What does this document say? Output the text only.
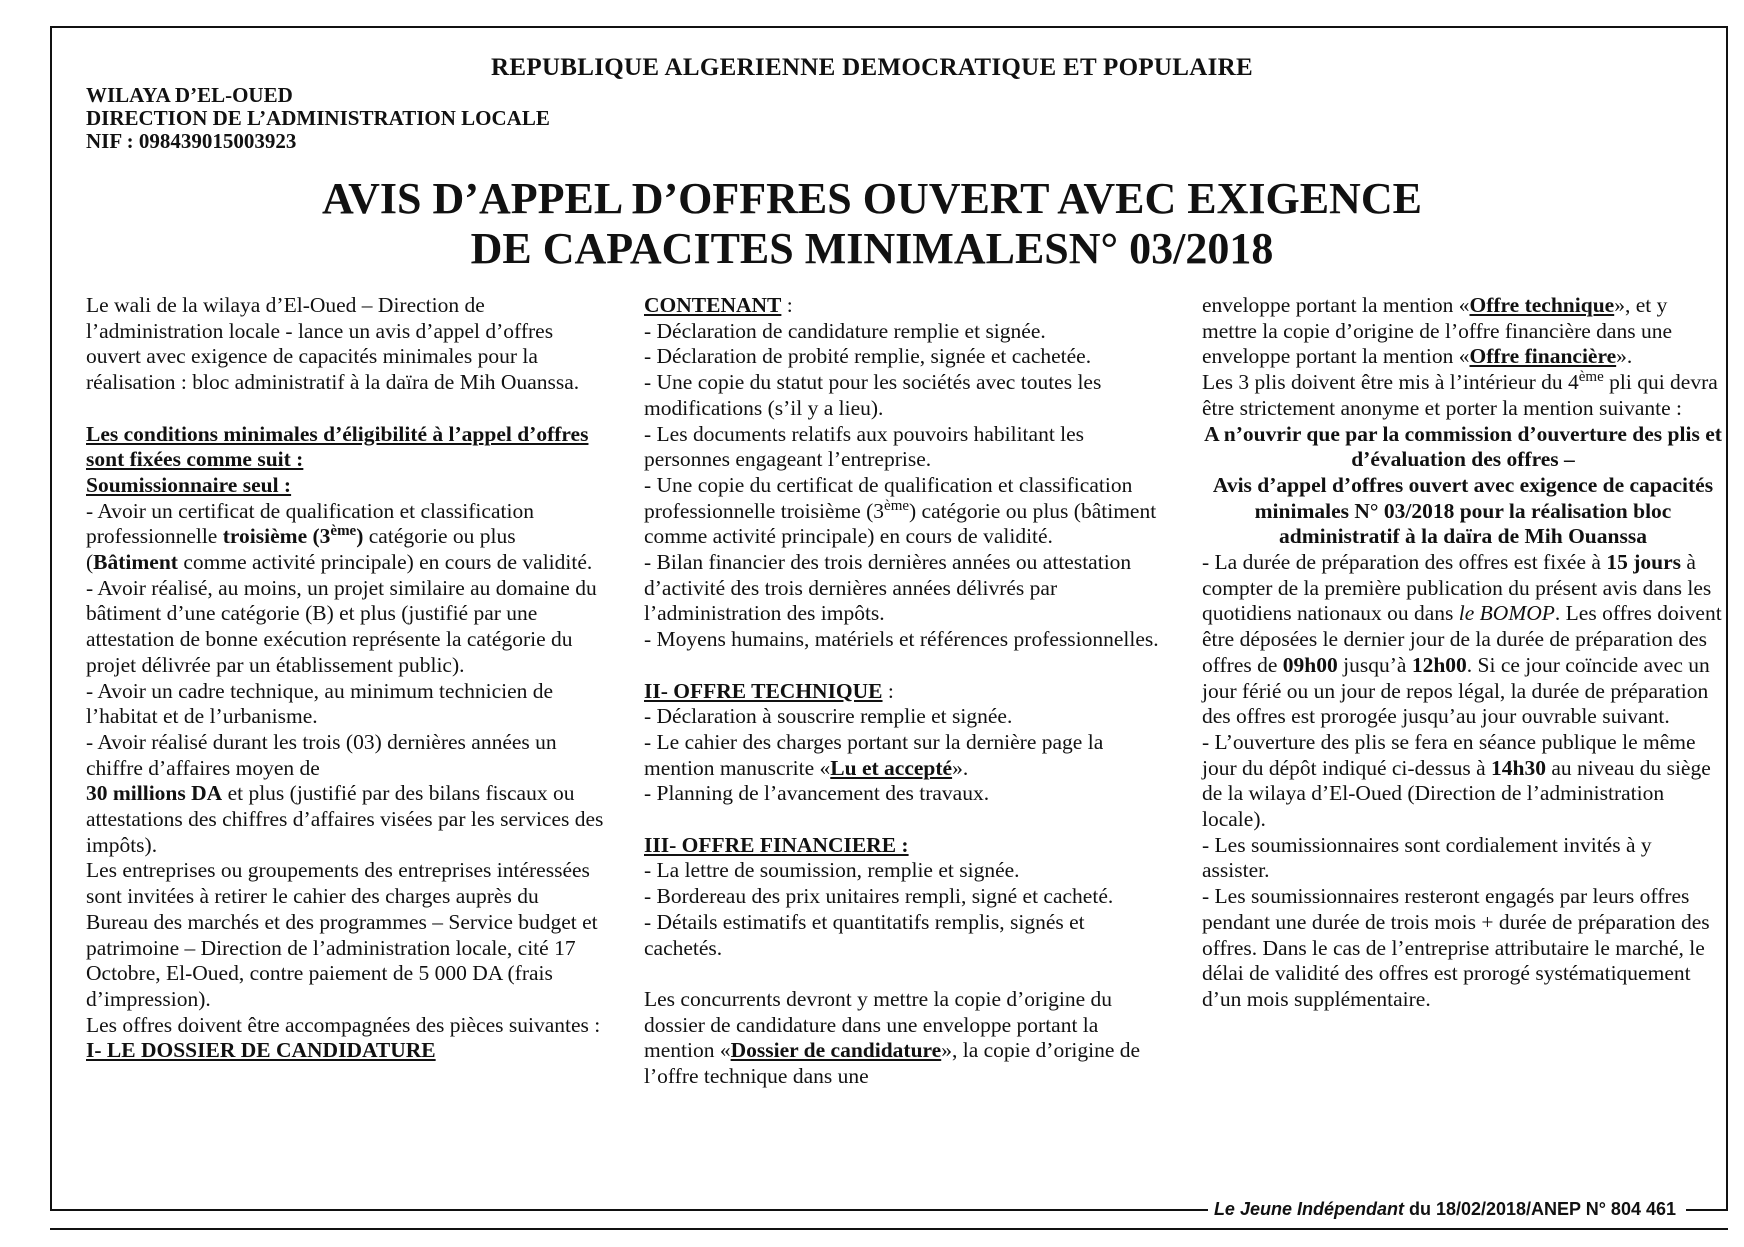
REPUBLIQUE ALGERIENNE DEMOCRATIQUE ET POPULAIRE
WILAYA D’EL-OUED
DIRECTION DE L’ADMINISTRATION LOCALE
NIF : 098439015003923
AVIS D’APPEL D’OFFRES OUVERT AVEC EXIGENCE
DE CAPACITES MINIMALESN° 03/2018

Le wali de la wilaya d’El-Oued – Direction de l’administration locale - lance un avis d’appel d’offres ouvert avec exigence de capacités minimales pour la réalisation : bloc administratif à la daïra de Mih Ouanssa.

Les conditions minimales d’éligibilité à l’appel d’offres sont fixées comme suit :

Soumissionnaire seul :

- Avoir un certificat de qualification et classification professionnelle troisième (3ème) catégorie ou plus (Bâtiment comme activité principale) en cours de validité.

- Avoir réalisé, au moins, un projet similaire au domaine du bâtiment d’une catégorie (B) et plus (justifié par une attestation de bonne exécution représente la catégorie du projet délivrée par un établissement public).

- Avoir un cadre technique, au minimum technicien de l’habitat et de l’urbanisme.

- Avoir réalisé durant les trois (03) dernières années un chiffre d’affaires moyen de
30 millions DA et plus (justifié par des bilans fiscaux ou attestations des chiffres d’affaires visées par les services des impôts).

Les entreprises ou groupements des entreprises intéressées sont invitées à retirer le cahier des charges auprès du Bureau des marchés et des programmes – Service budget et patrimoine – Direction de l’administration locale, cité 17 Octobre, El-Oued, contre paiement de 5 000 DA (frais d’impression).

Les offres doivent être accompagnées des pièces suivantes :

I- LE DOSSIER DE CANDIDATURE

CONTENANT :

- Déclaration de candidature remplie et signée.

- Déclaration de probité remplie, signée et cachetée.

- Une copie du statut pour les sociétés avec toutes les modifications (s’il y a lieu).

- Les documents relatifs aux pouvoirs habilitant les personnes engageant l’entreprise.

- Une copie du certificat de qualification et classification professionnelle troisième (3ème) catégorie ou plus (bâtiment comme activité principale) en cours de validité.

- Bilan financier des trois dernières années ou attestation d’activité des trois dernières années délivrés par l’administration des impôts.

- Moyens humains, matériels et références professionnelles.

II- OFFRE TECHNIQUE :

- Déclaration à souscrire remplie et signée.

- Le cahier des charges portant sur la dernière page la mention manuscrite «Lu et accepté».

- Planning de l’avancement des travaux.

III- OFFRE FINANCIERE :

- La lettre de soumission, remplie et signée.

- Bordereau des prix unitaires rempli, signé et cacheté.

- Détails estimatifs et quantitatifs remplis, signés et cachetés.

Les concurrents devront y mettre la copie d’origine du dossier de candidature dans une enveloppe portant la mention «Dossier de candidature», la copie d’origine de l’offre technique dans une

enveloppe portant la mention «Offre technique», et y mettre la copie d’origine de l’offre financière dans une enveloppe portant la mention «Offre financière».

Les 3 plis doivent être mis à l’intérieur du 4ème pli qui devra être strictement anonyme et porter la mention suivante :

A n’ouvrir que par la commission d’ouverture des plis et d’évaluation des offres –

Avis d’appel d’offres ouvert avec exigence de capacités minimales N° 03/2018 pour la réalisation bloc administratif à la daïra de Mih Ouanssa

- La durée de préparation des offres est fixée à 15 jours à compter de la première publication du présent avis dans les quotidiens nationaux ou dans le BOMOP. Les offres doivent être déposées le dernier jour de la durée de préparation des offres de 09h00 jusqu’à 12h00. Si ce jour coïncide avec un jour férié ou un jour de repos légal, la durée de préparation des offres est prorogée jusqu’au jour ouvrable suivant.

- L’ouverture des plis se fera en séance publique le même jour du dépôt indiqué ci-dessus à 14h30 au niveau du siège de la wilaya d’El-Oued (Direction de l’administration locale).

- Les soumissionnaires sont cordialement invités à y assister.

- Les soumissionnaires resteront engagés par leurs offres pendant une durée de trois mois + durée de préparation des offres. Dans le cas de l’entreprise attributaire le marché, le délai de validité des offres est prorogé systématiquement d’un mois supplémentaire.

Le Jeune Indépendant du 18/02/2018/ANEP N° 804 461
